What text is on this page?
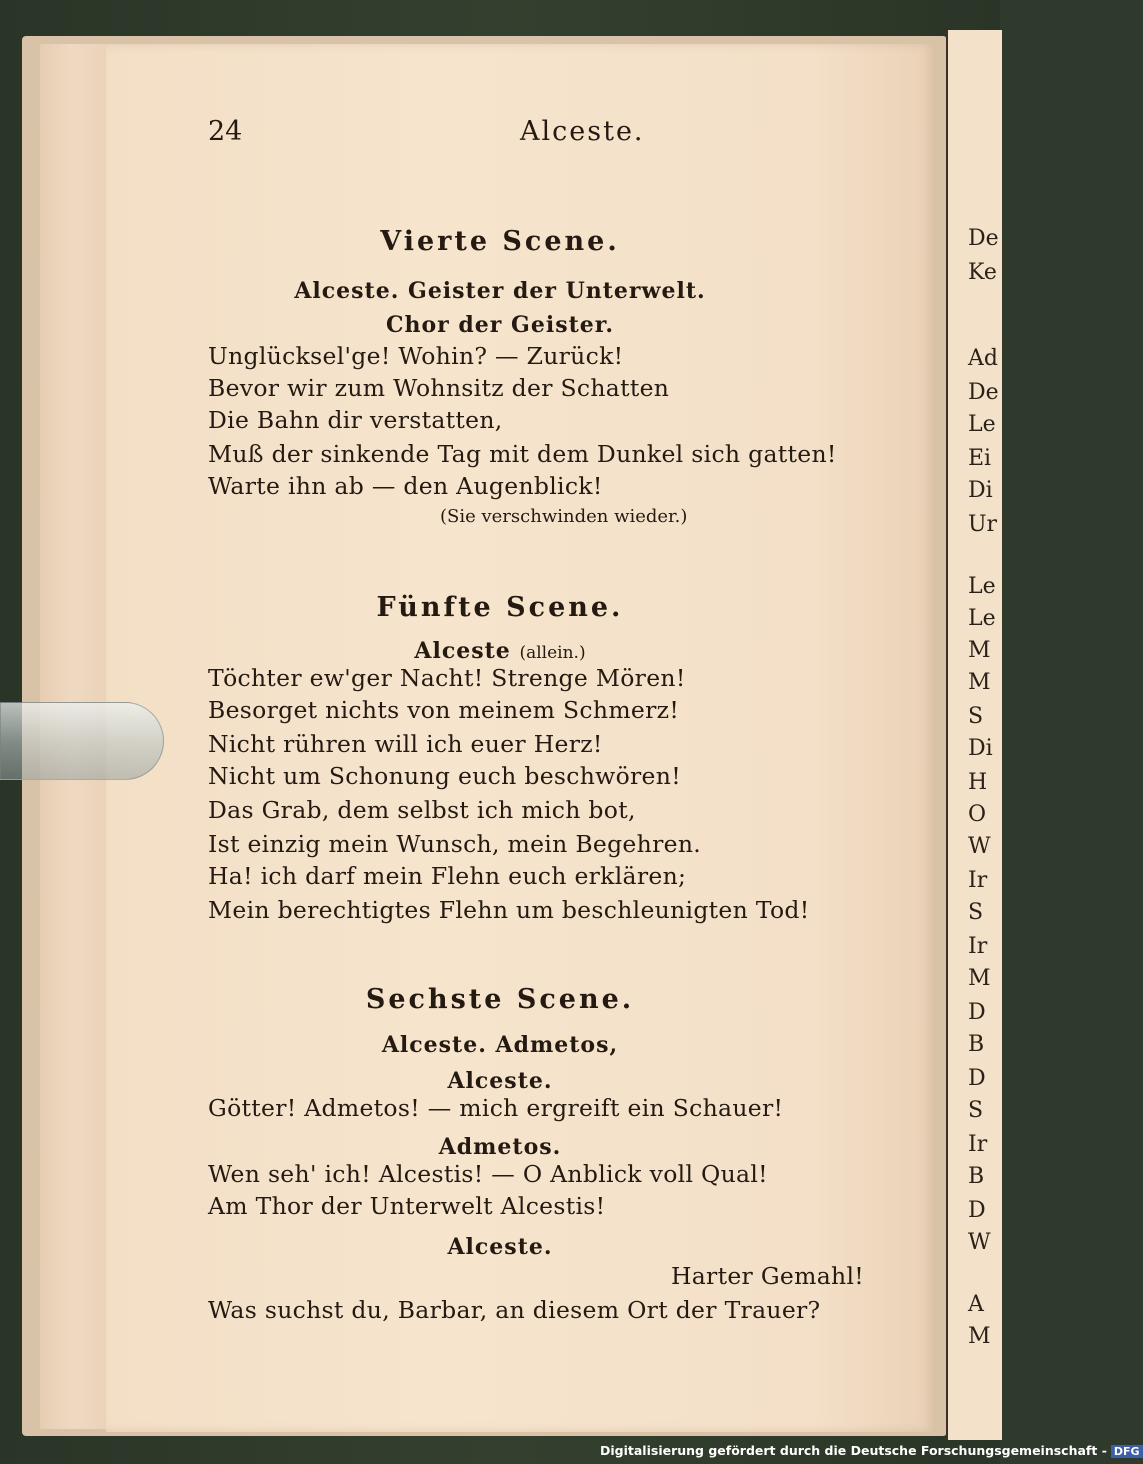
De
Ke
Ad
De
Le
Ei
Di
Ur
Le
Le
M
M
S
Di
H
O
W
Ir
S
Ir
M
D
B
D
S
Ir
B
D
W
A
M
24	Alceste.
Vierte Scene.
Alceste. Geister der Unterwelt.
Chor der Geister.
Unglücksel'ge! Wohin? — Zurück!
Bevor wir zum Wohnsitz der Schatten
Die Bahn dir verstatten,
Muß der sinkende Tag mit dem Dunkel sich gatten!
Warte ihn ab — den Augenblick!
(Sie verschwinden wieder.)
Fünfte Scene.
Alceste (allein.)
Töchter ew'ger Nacht! Strenge Mören!
Besorget nichts von meinem Schmerz!
Nicht rühren will ich euer Herz!
Nicht um Schonung euch beschwören!
Das Grab, dem selbst ich mich bot,
Ist einzig mein Wunsch, mein Begehren.
Ha! ich darf mein Flehn euch erklären;
Mein berechtigtes Flehn um beschleunigten Tod!
Sechste Scene.
Alceste. Admetos,
Alceste.
Götter! Admetos! — mich ergreift ein Schauer!
Admetos.
Wen seh' ich! Alcestis! — O Anblick voll Qual!
Am Thor der Unterwelt Alcestis!
Alceste.
Harter Gemahl!
Was suchst du, Barbar, an diesem Ort der Trauer?
Digitalisierung gefördert durch die Deutsche Forschungsgemeinschaft - DFG
